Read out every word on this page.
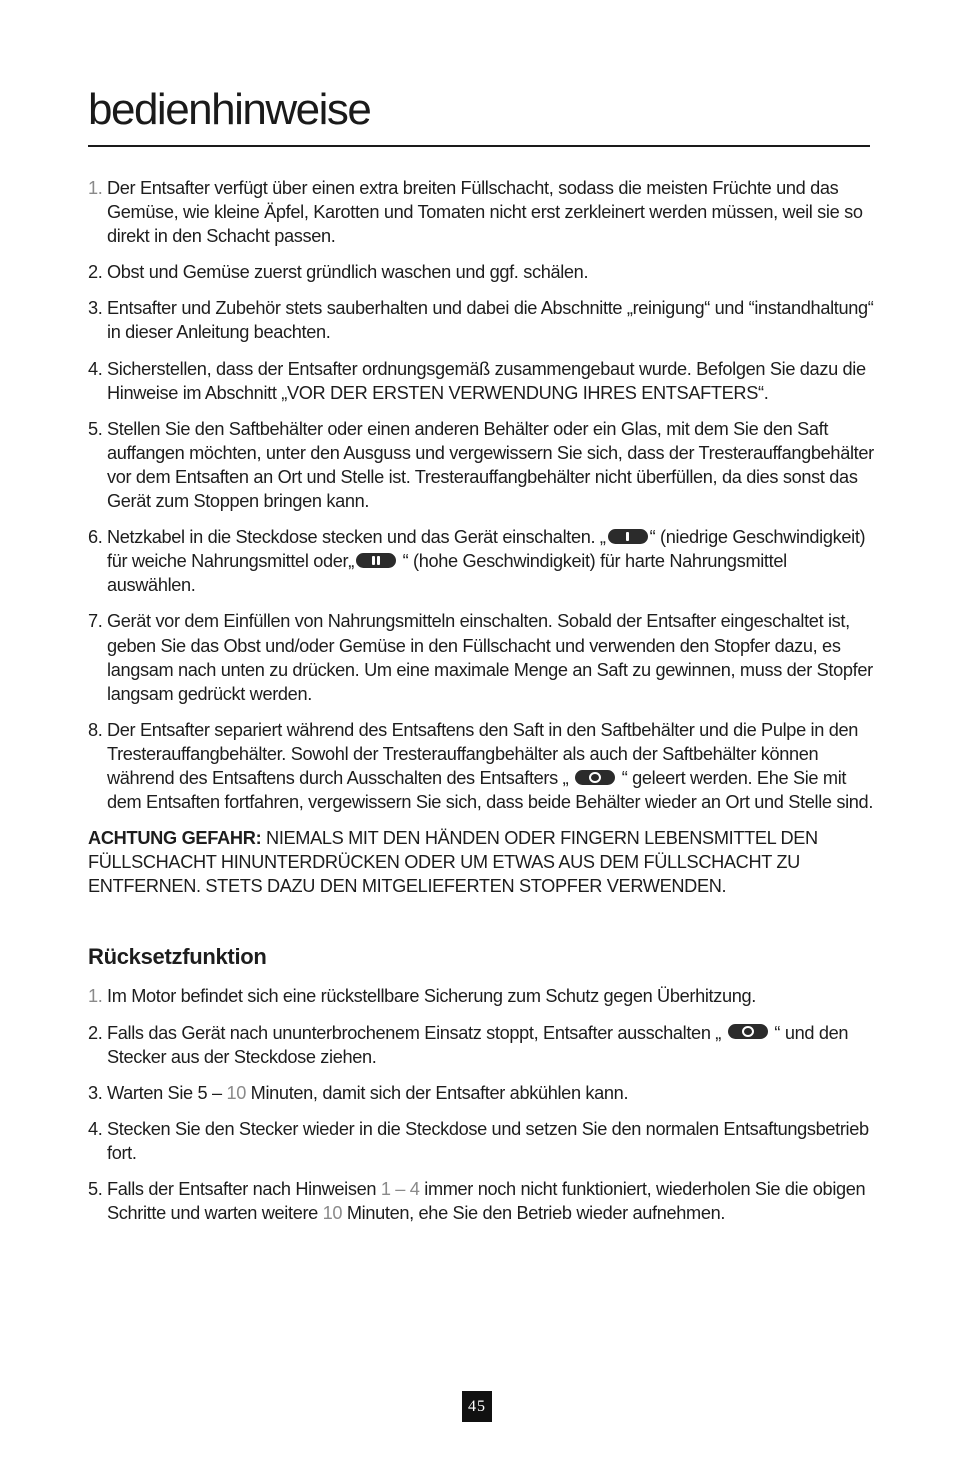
bedienhinweise
1. Der Entsafter verfügt über einen extra breiten Füllschacht, sodass die meisten Früchte und das Gemüse, wie kleine Äpfel, Karotten und Tomaten nicht erst zerkleinert werden müssen, weil sie so direkt in den Schacht passen.
2. Obst und Gemüse zuerst gründlich waschen und ggf. schälen.
3. Entsafter und Zubehör stets sauberhalten und dabei die Abschnitte „reinigung“ und “instandhaltung“ in dieser Anleitung beachten.
4. Sicherstellen, dass der Entsafter ordnungsgemäß zusammengebaut wurde. Befolgen Sie dazu die Hinweise im Abschnitt „VOR DER ERSTEN VERWENDUNG IHRES ENTSAFTERS“.
5. Stellen Sie den Saftbehälter oder einen anderen Behälter oder ein Glas, mit dem Sie den Saft auffangen möchten, unter den Ausguss und vergewissern Sie sich, dass der Tresterauffangbehälter vor dem Entsaften an Ort und Stelle ist. Tresterauffangbehälter nicht überfüllen, da dies sonst das Gerät zum Stoppen bringen kann.
6. Netzkabel in die Steckdose stecken und das Gerät einschalten. „ “ (niedrige Geschwindigkeit) für weiche Nahrungsmittel oder„
“ (hohe Geschwindigkeit) für harte Nahrungsmittel auswählen.
7. Gerät vor dem Einfüllen von Nahrungsmitteln einschalten. Sobald der Entsafter eingeschaltet ist, geben Sie das Obst und/oder Gemüse in den Füllschacht und verwenden den Stopfer dazu, es langsam nach unten zu drücken. Um eine maximale Menge an Saft zu gewinnen, muss der Stopfer langsam gedrückt werden.
8. Der Entsafter separiert während des Entsaftens den Saft in den Saftbehälter und die Pulpe in den Tresterauffangbehälter. Sowohl der Tresterauffangbehälter als auch der Saftbehälter können während des Entsaftens durch Ausschalten des Entsafters „
“ geleert werden. Ehe Sie mit dem Entsaften fortfahren, vergewissern Sie sich, dass beide Behälter wieder an Ort und Stelle sind.

ACHTUNG GEFAHR: NIEMALS MIT DEN HÄNDEN ODER FINGERN LEBENSMITTEL DEN FÜLLSCHACHT HINUNTERDRÜCKEN ODER UM ETWAS AUS DEM FÜLLSCHACHT ZU ENTFERNEN. STETS DAZU DEN MITGELIEFERTEN STOPFER VERWENDEN.

Rücksetzfunktion
1. Im Motor befindet sich eine rückstellbare Sicherung zum Schutz gegen Überhitzung.
2. Falls das Gerät nach ununterbrochenem Einsatz stoppt, Entsafter ausschalten „
“ und den Stecker aus der Steckdose ziehen.
3. Warten Sie 5 – 10 Minuten, damit sich der Entsafter abkühlen kann.
4. Stecken Sie den Stecker wieder in die Steckdose und setzen Sie den normalen Entsaftungsbetrieb fort.
5. Falls der Entsafter nach Hinweisen 1 – 4 immer noch nicht funktioniert, wiederholen Sie die obigen Schritte und warten weitere 10 Minuten, ehe Sie den Betrieb wieder aufnehmen.
45
